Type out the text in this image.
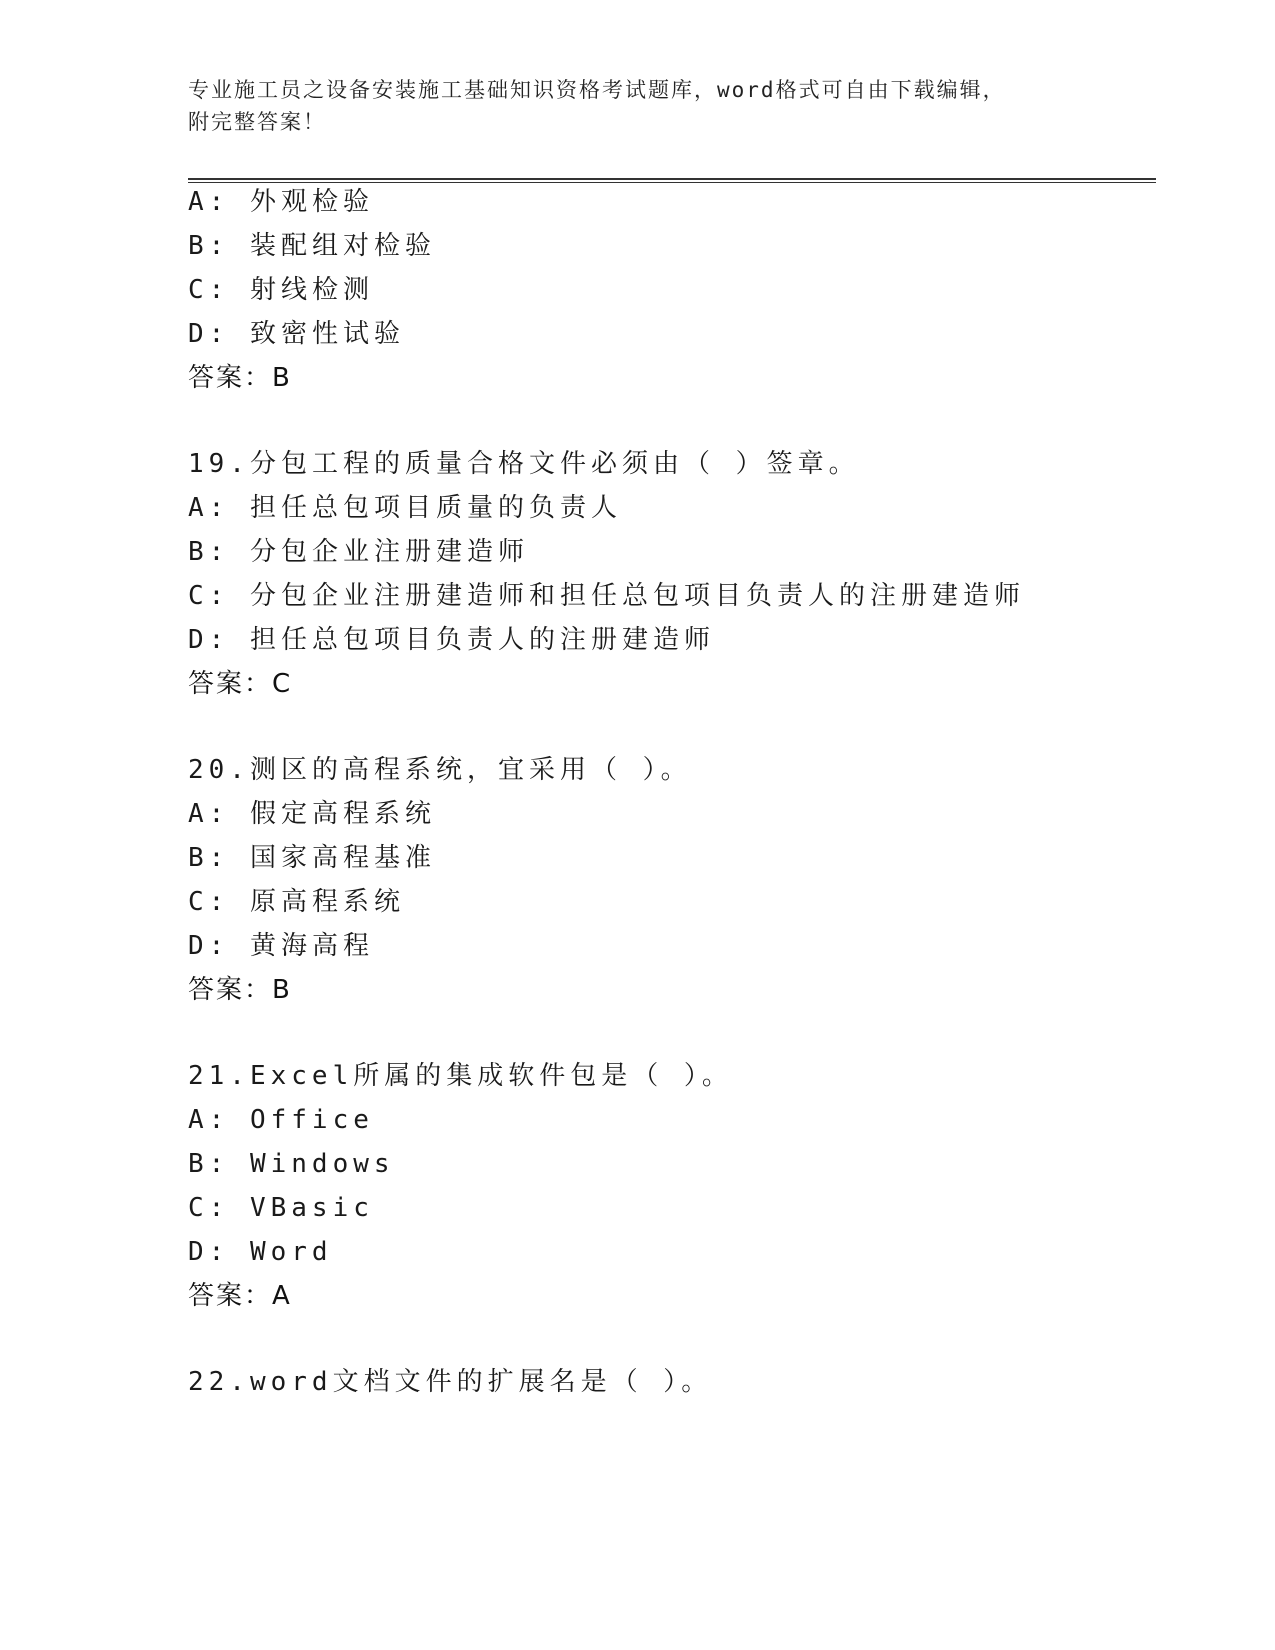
专业施工员之设备安装施工基础知识资格考试题库，word格式可自由下载编辑，
附完整答案！
A: 外观检验
B: 装配组对检验
C: 射线检测
D: 致密性试验
答案：B
19.分包工程的质量合格文件必须由（ ）签章。
A: 担任总包项目质量的负责人
B: 分包企业注册建造师
C: 分包企业注册建造师和担任总包项目负责人的注册建造师
D: 担任总包项目负责人的注册建造师
答案：C
20.测区的高程系统，宜采用（ ）。
A: 假定高程系统
B: 国家高程基准
C: 原高程系统
D: 黄海高程
答案：B
21.Excel所属的集成软件包是（ ）。
A: Office
B: Windows
C: VBasic
D: Word
答案：A
22.word文档文件的扩展名是（ ）。
